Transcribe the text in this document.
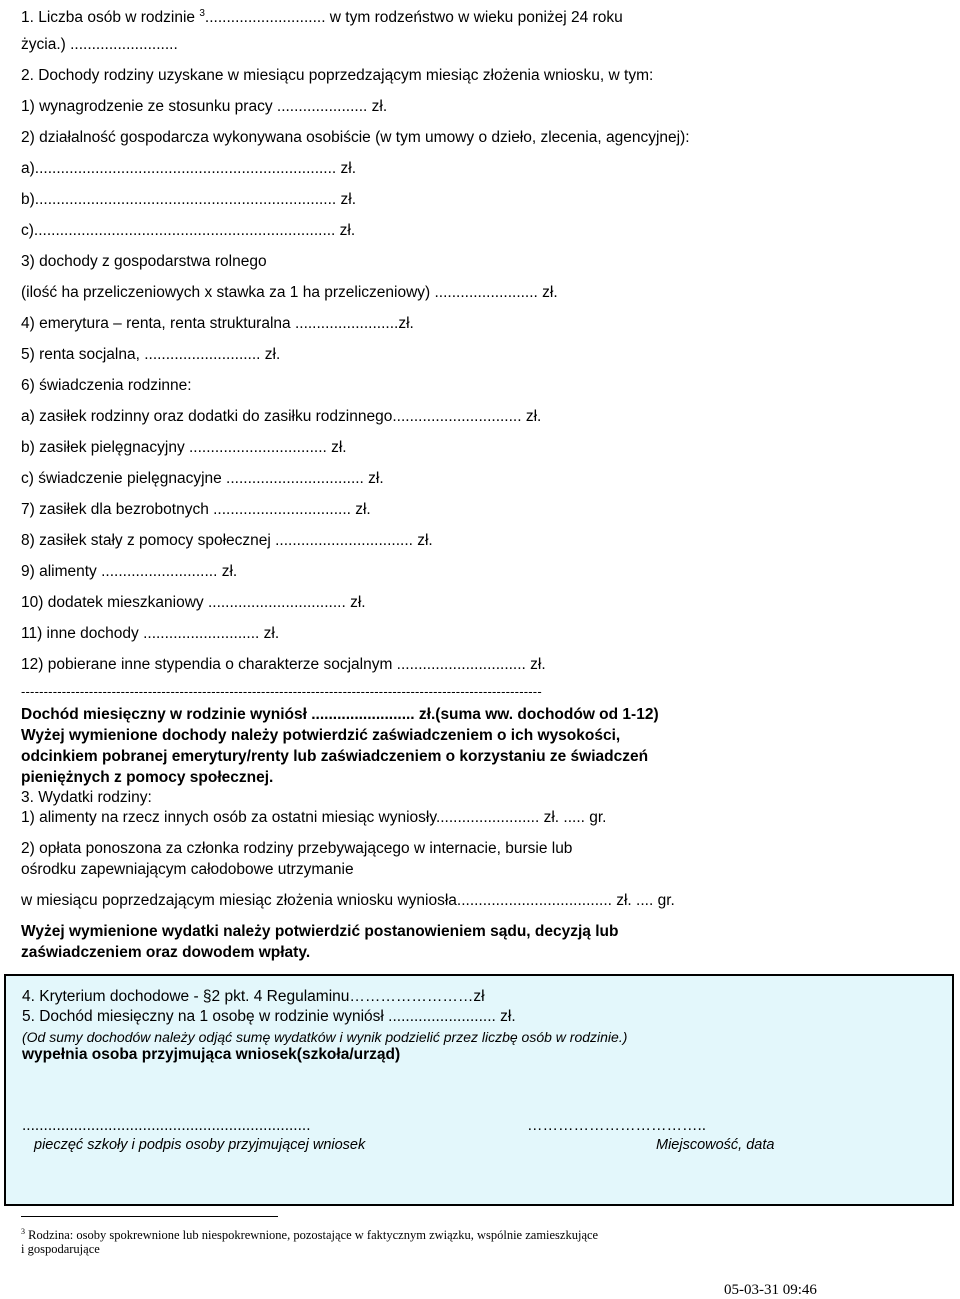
1. Liczba osób w rodzinie $^3$............................ w tym rodzeństwo w wieku poniżej 24 roku
życia.) .........................
2. Dochody rodziny uzyskane w miesiącu poprzedzającym miesiąc złożenia wniosku, w tym:
1) wynagrodzenie ze stosunku pracy ..................... zł.
2) działalność gospodarcza wykonywana osobiście (w tym umowy o dzieło, zlecenia, agencyjnej):
a)...................................................................... zł.
b)...................................................................... zł.
c)...................................................................... zł.
3) dochody z gospodarstwa rolnego
(ilość ha przeliczeniowych x stawka za 1 ha przeliczeniowy) ........................ zł.
4) emerytura – renta, renta strukturalna ........................zł.
5) renta socjalna, ........................... zł.
6) świadczenia rodzinne:
a) zasiłek rodzinny oraz dodatki do zasiłku rodzinnego.............................. zł.
b) zasiłek pielęgnacyjny ................................ zł.
c) świadczenie pielęgnacyjne ................................ zł.
7) zasiłek dla bezrobotnych ................................ zł.
8) zasiłek stały z pomocy społecznej ................................ zł.
9) alimenty ........................... zł.
10) dodatek mieszkaniowy ................................ zł.
11) inne dochody ........................... zł.
12) pobierane inne stypendia o charakterze socjalnym .............................. zł.
-------------------------------------------------------------------------------------------------------------------
Dochód miesięczny w rodzinie wyniósł ........................ zł.(suma ww. dochodów od 1-12)
Wyżej wymienione dochody należy potwierdzić zaświadczeniem o ich wysokości,
odcinkiem pobranej emerytury/renty lub zaświadczeniem o korzystaniu ze świadczeń
pieniężnych z pomocy społecznej.
3. Wydatki rodziny:
1) alimenty na rzecz innych osób za ostatni miesiąc wyniosły........................ zł. ..... gr.
2) opłata ponoszona za członka rodziny przebywającego w internacie, bursie lub
ośrodku zapewniającym całodobowe utrzymanie
w miesiącu poprzedzającym miesiąc złożenia wniosku wyniosła.................................... zł. .... gr.
Wyżej wymienione wydatki należy potwierdzić postanowieniem sądu, decyzją lub
zaświadczeniem oraz dowodem wpłaty.
4. Kryterium dochodowe - §2 pkt. 4 Regulaminu……………………zł
5. Dochód miesięczny na 1 osobę w rodzinie wyniósł ......................... zł.
(Od sumy dochodów należy odjąć sumę wydatków i wynik podzielić przez liczbę osób w rodzinie.)
wypełnia osoba przyjmująca wniosek(szkoła/urząd)
...................................................................
pieczęć szkoły i podpis osoby przyjmującej wniosek
……………………………..
Miejscowość, data
$^3$ Rodzina: osoby spokrewnione lub niespokrewnione, pozostające w faktycznym związku, wspólnie zamieszkujące
i gospodarujące
05-03-31 09:46
